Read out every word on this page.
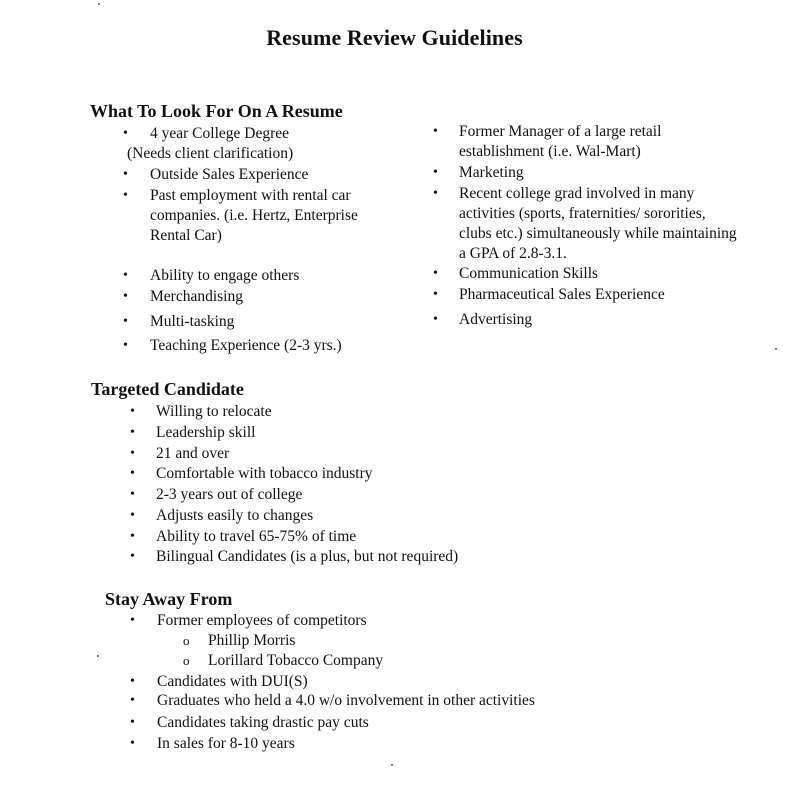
Resume Review Guidelines
What To Look For On A Resume
• 4 year College Degree
(Needs client clarification)
• Outside Sales Experience
• Past employment with rental car companies. (i.e. Hertz, Enterprise Rental Car)
• Ability to engage others
• Merchandising
• Multi-tasking
• Teaching Experience (2-3 yrs.)
• Former Manager of a large retail establishment (i.e. Wal-Mart)
• Marketing
• Recent college grad involved in many activities (sports, fraternities/ sororities, clubs etc.) simultaneously while maintaining a GPA of 2.8-3.1.
• Communication Skills
• Pharmaceutical Sales Experience
• Advertising
Targeted Candidate
• Willing to relocate
• Leadership skill
• 21 and over
• Comfortable with tobacco industry
• 2-3 years out of college
• Adjusts easily to changes
• Ability to travel 65-75% of time
• Bilingual Candidates (is a plus, but not required)
Stay Away From
• Former employees of competitors
o Phillip Morris
o Lorillard Tobacco Company
• Candidates with DUI(S)
• Graduates who held a 4.0 w/o involvement in other activities
• Candidates taking drastic pay cuts
• In sales for 8-10 years
